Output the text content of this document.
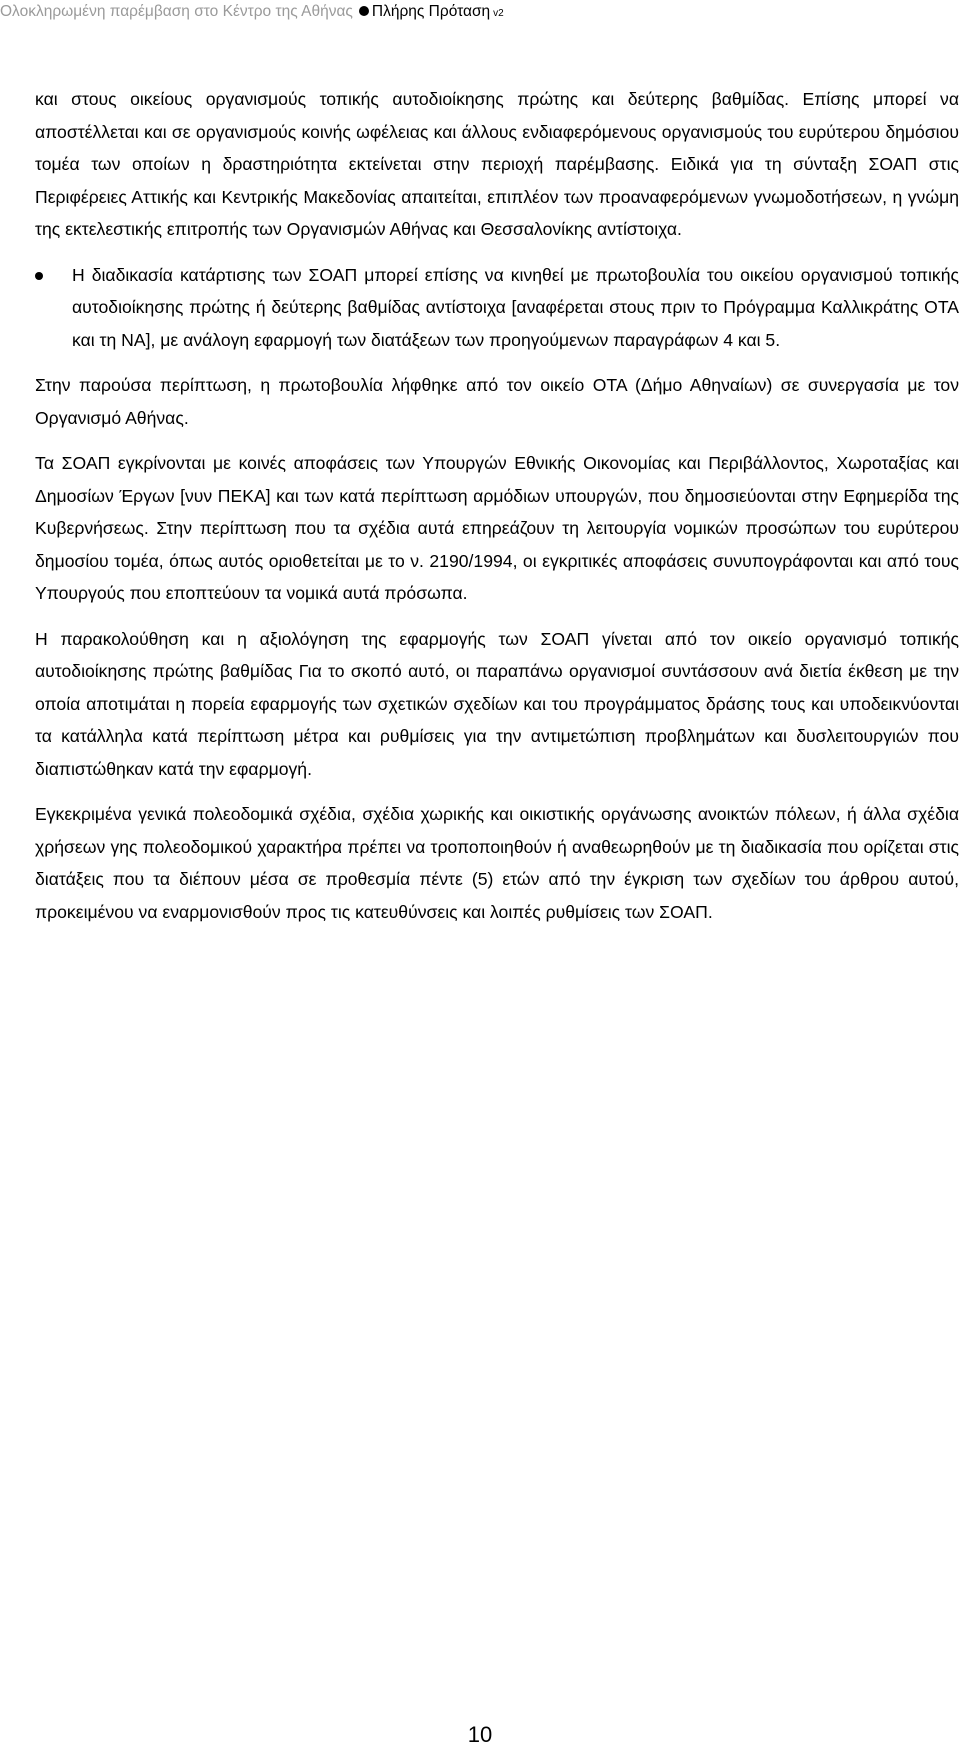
Ολοκληρωμένη παρέμβαση στο Κέντρο της Αθήνας Πλήρης Πρόταση v2

και στους οικείους οργανισμούς τοπικής αυτοδιοίκησης πρώτης και δεύτερης βαθμίδας. Επίσης μπορεί να αποστέλλεται και σε οργανισμούς κοινής ωφέλειας και άλλους ενδιαφερόμενους οργανισμούς του ευρύτερου δημόσιου τομέα των οποίων η δραστηριότητα εκτείνεται στην περιοχή παρέμβασης. Ειδικά για τη σύνταξη ΣΟΑΠ στις Περιφέρειες Αττικής και Κεντρικής Μακεδονίας απαιτείται, επιπλέον των προαναφερόμενων γνωμοδοτήσεων, η γνώμη της εκτελεστικής επιτροπής των Οργανισμών Αθήνας και Θεσσαλονίκης αντίστοιχα.

Η διαδικασία κατάρτισης των ΣΟΑΠ μπορεί επίσης να κινηθεί με πρωτοβουλία του οικείου οργανισμού τοπικής αυτοδιοίκησης πρώτης ή δεύτερης βαθμίδας αντίστοιχα [αναφέρεται στους πριν το Πρόγραμμα Καλλικράτης ΟΤΑ και τη ΝΑ], με ανάλογη εφαρμογή των διατάξεων των προηγούμενων παραγράφων 4 και 5.

Στην παρούσα περίπτωση, η πρωτοβουλία λήφθηκε από τον οικείο ΟΤΑ (Δήμο Αθηναίων) σε συνεργασία με τον Οργανισμό Αθήνας.

Τα ΣΟΑΠ εγκρίνονται με κοινές αποφάσεις των Υπουργών Εθνικής Οικονομίας και Περιβάλλοντος, Χωροταξίας και Δημοσίων Έργων [νυν ΠΕΚΑ] και των κατά περίπτωση αρμόδιων υπουργών, που δημοσιεύονται στην Εφημερίδα της Κυβερνήσεως. Στην περίπτωση που τα σχέδια αυτά επηρεάζουν τη λειτουργία νομικών προσώπων του ευρύτερου δημοσίου τομέα, όπως αυτός οριοθετείται με το ν. 2190/1994, οι εγκριτικές αποφάσεις συνυπογράφονται και από τους Υπουργούς που εποπτεύουν τα νομικά αυτά πρόσωπα.

Η παρακολούθηση και η αξιολόγηση της εφαρμογής των ΣΟΑΠ γίνεται από τον οικείο οργανισμό τοπικής αυτοδιοίκησης πρώτης βαθμίδας Για το σκοπό αυτό, οι παραπάνω οργανισμοί συντάσσουν ανά διετία έκθεση με την οποία αποτιμάται η πορεία εφαρμογής των σχετικών σχεδίων και του προγράμματος δράσης τους και υποδεικνύονται τα κατάλληλα κατά περίπτωση μέτρα και ρυθμίσεις για την αντιμετώπιση προβλημάτων και δυσλειτουργιών που διαπιστώθηκαν κατά την εφαρμογή.

Εγκεκριμένα γενικά πολεοδομικά σχέδια, σχέδια χωρικής και οικιστικής οργάνωσης ανοικτών πόλεων, ή άλλα σχέδια χρήσεων γης πολεοδομικού χαρακτήρα πρέπει να τροποποιηθούν ή αναθεωρηθούν με τη διαδικασία που ορίζεται στις διατάξεις που τα διέπουν μέσα σε προθεσμία πέντε (5) ετών από την έγκριση των σχεδίων του άρθρου αυτού, προκειμένου να εναρμονισθούν προς τις κατευθύνσεις και λοιπές ρυθμίσεις των ΣΟΑΠ.

10
